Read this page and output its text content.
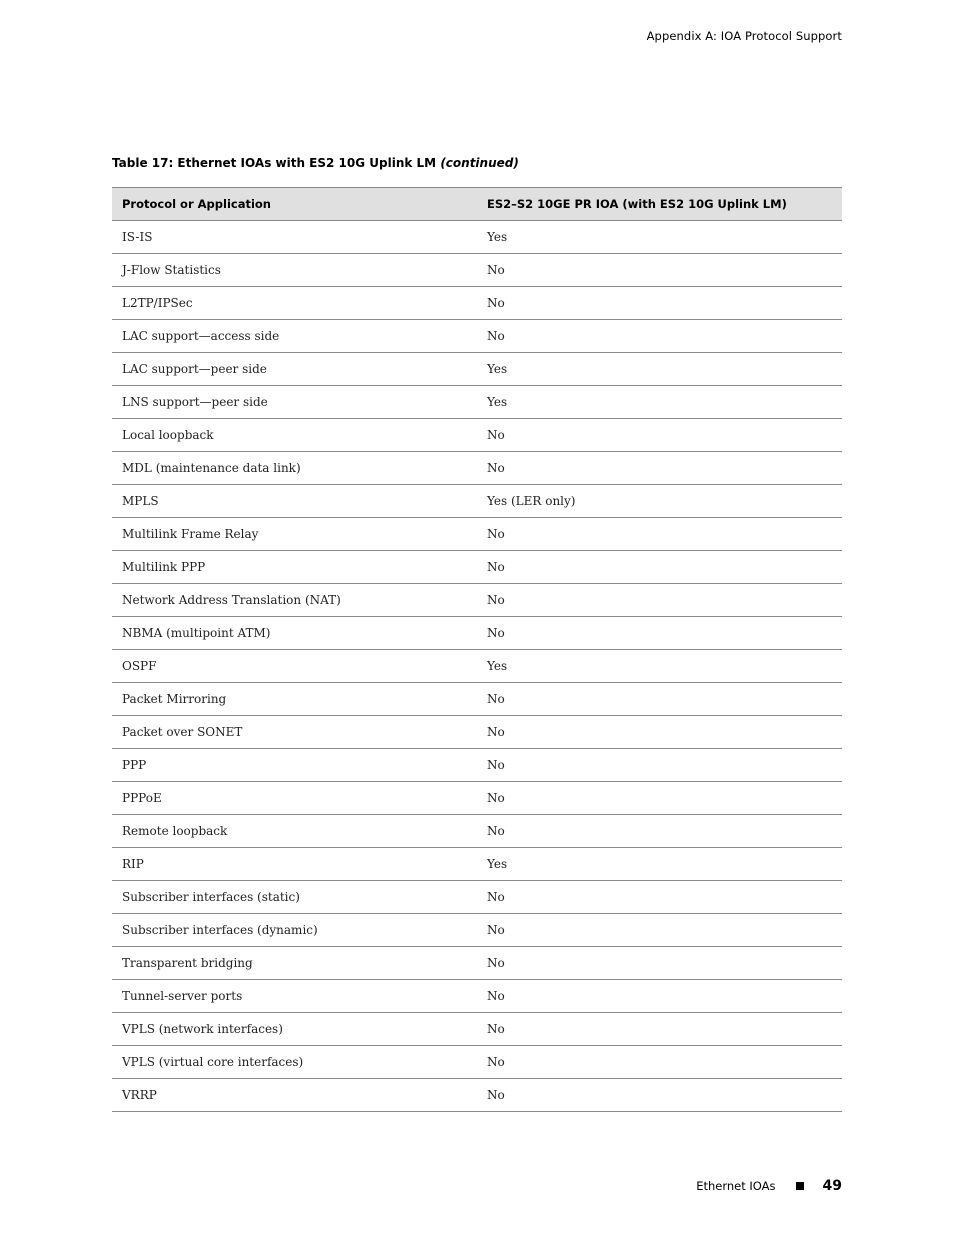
Appendix A: IOA Protocol Support
Table 17: Ethernet IOAs with ES2 10G Uplink LM (continued)
Protocol or Application	ES2–S2 10GE PR IOA (with ES2 10G Uplink LM)
IS-IS	Yes
J-Flow Statistics	No
L2TP/IPSec	No
LAC support—access side	No
LAC support—peer side	Yes
LNS support—peer side	Yes
Local loopback	No
MDL (maintenance data link)	No
MPLS	Yes (LER only)
Multilink Frame Relay	No
Multilink PPP	No
Network Address Translation (NAT)	No
NBMA (multipoint ATM)	No
OSPF	Yes
Packet Mirroring	No
Packet over SONET	No
PPP	No
PPPoE	No
Remote loopback	No
RIP	Yes
Subscriber interfaces (static)	No
Subscriber interfaces (dynamic)	No
Transparent bridging	No
Tunnel-server ports	No
VPLS (network interfaces)	No
VPLS (virtual core interfaces)	No
VRRP	No
Ethernet IOAs	49
